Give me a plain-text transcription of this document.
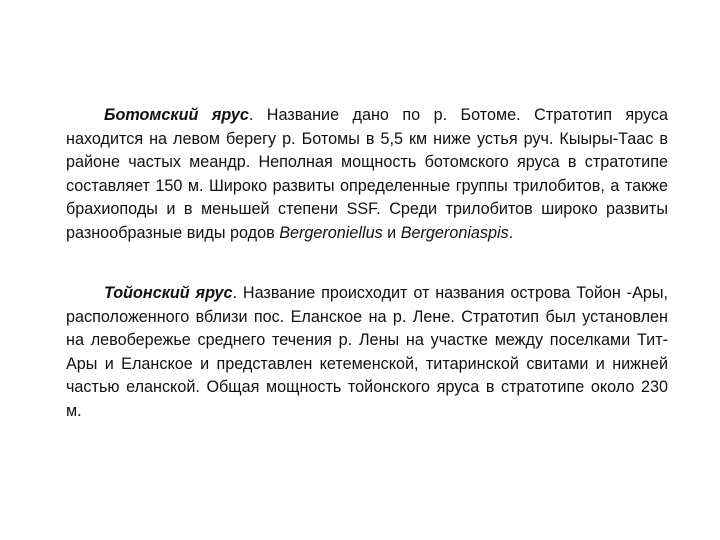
Ботомский ярус. Название дано по р. Ботоме. Стратотип яруса находится на левом берегу р. Ботомы в 5,5 км ниже устья руч. Кыыры-Таас в районе частых меандр. Неполная мощность ботомского яруса в стратотипе составляет 150 м. Широко развиты определенные группы трилобитов, а также брахиоподы и в меньшей степени SSF. Среди трилобитов широко развиты разнообразные виды родов Bergeroniellus и Bergeroniaspis.

Тойонский ярус. Название происходит от названия острова Тойон -Ары, расположенного вблизи пос. Еланское на р. Лене. Стратотип был установлен на левобережье среднего течения р. Лены на участке между поселками Тит-Ары и Еланское и представлен кетеменской, титаринской свитами и нижней частью еланской. Общая мощность тойонского яруса в стратотипе около 230 м.
